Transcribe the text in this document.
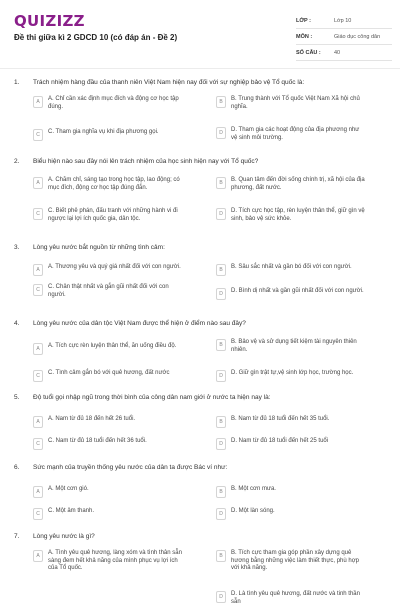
QUIZIZZ
Đề thi giữa kì 2 GDCD 10 (có đáp án - Đề 2)
LỚP :	Lớp 10
MÔN :	Giáo dục công dân
SỐ CÂU :	40
1. Trách nhiệm hàng đầu của thanh niên Việt Nam hiện nay đối với sự nghiệp bảo vệ Tổ quốc là:
A	A. Chỉ cần xác định mục đích và động cơ học tập đúng.
B	B. Trung thành với Tổ quốc Việt Nam Xã hội chủ nghĩa.
C	C. Tham gia nghĩa vụ khi địa phương gọi.	D	D. Tham gia các hoạt động của địa phương như vệ sinh môi trường.
2. Biểu hiện nào sau đây nói lên trách nhiệm của học sinh hiện nay với Tổ quốc?
A	A. Chăm chỉ, sáng tạo trong học tập, lao động; có mục đích, động cơ học tập đúng đắn.
B	B. Quan tâm đến đời sống chính trị, xã hội của địa phương, đất nước.
C	C. Biết phê phán, đấu tranh với những hành vi đi ngược lại lợi ích quốc gia, dân tộc.
D	D. Tích cực học tập, rèn luyện thân thể, giữ gìn vệ sinh, bảo vệ sức khỏe.
3. Lòng yêu nước bắt nguồn từ những tình cảm:
A	A. Thương yêu và quý giá nhất đối với con người.	B	B. Sâu sắc nhất và gần bó đối với con người.
C	C. Chân thật nhất và gắn gũi nhất đối với con người.	D	D. Bình dị nhất và gần gũi nhất đối với con người.
4. Lòng yêu nước của dân tộc Việt Nam được thể hiện ở điểm nào sau đây?
A	A. Tích cực rèn luyện thân thể, ăn uống điều độ.	B	B. Bảo vệ và sử dụng tiết kiệm tài nguyên thiên nhiên.
C	C. Tình cảm gắn bó với quê hương, đất nước	D	D. Giữ gìn trật tự,vệ sinh lớp học, trường học.
5. Độ tuổi gọi nhập ngũ trong thời bình của công dân nam giới ở nước ta hiện nay là:
A	A. Nam từ đủ 18 đến hết 26 tuổi.	B	B. Nam từ đủ 18 tuổi đến hết 35 tuổi.
C	C. Nam từ đủ 18 tuổi đến hết 36 tuổi.	D	D. Nam từ đủ 18 tuổi đến hết 25 tuổi
6. Sức mạnh của truyền thống yêu nước của dân ta được Bác ví như:
A	A. Một cơn gió.	B	B. Một cơn mưa.
C	C. Một âm thanh.	D	D. Một làn sóng.
7. Lòng yêu nước là gì?
A	A. Tình yêu quê hương, làng xóm và tình thân sẵn sàng đem hết khả năng của mình phục vụ lợi ích của Tổ quốc.
B	B. Tích cực tham gia góp phần xây dựng quê hương bằng những việc làm thiết thực, phù hợp với khả năng.
D	D. Là tình yêu quê hương, đất nước và tinh thần sẵn
